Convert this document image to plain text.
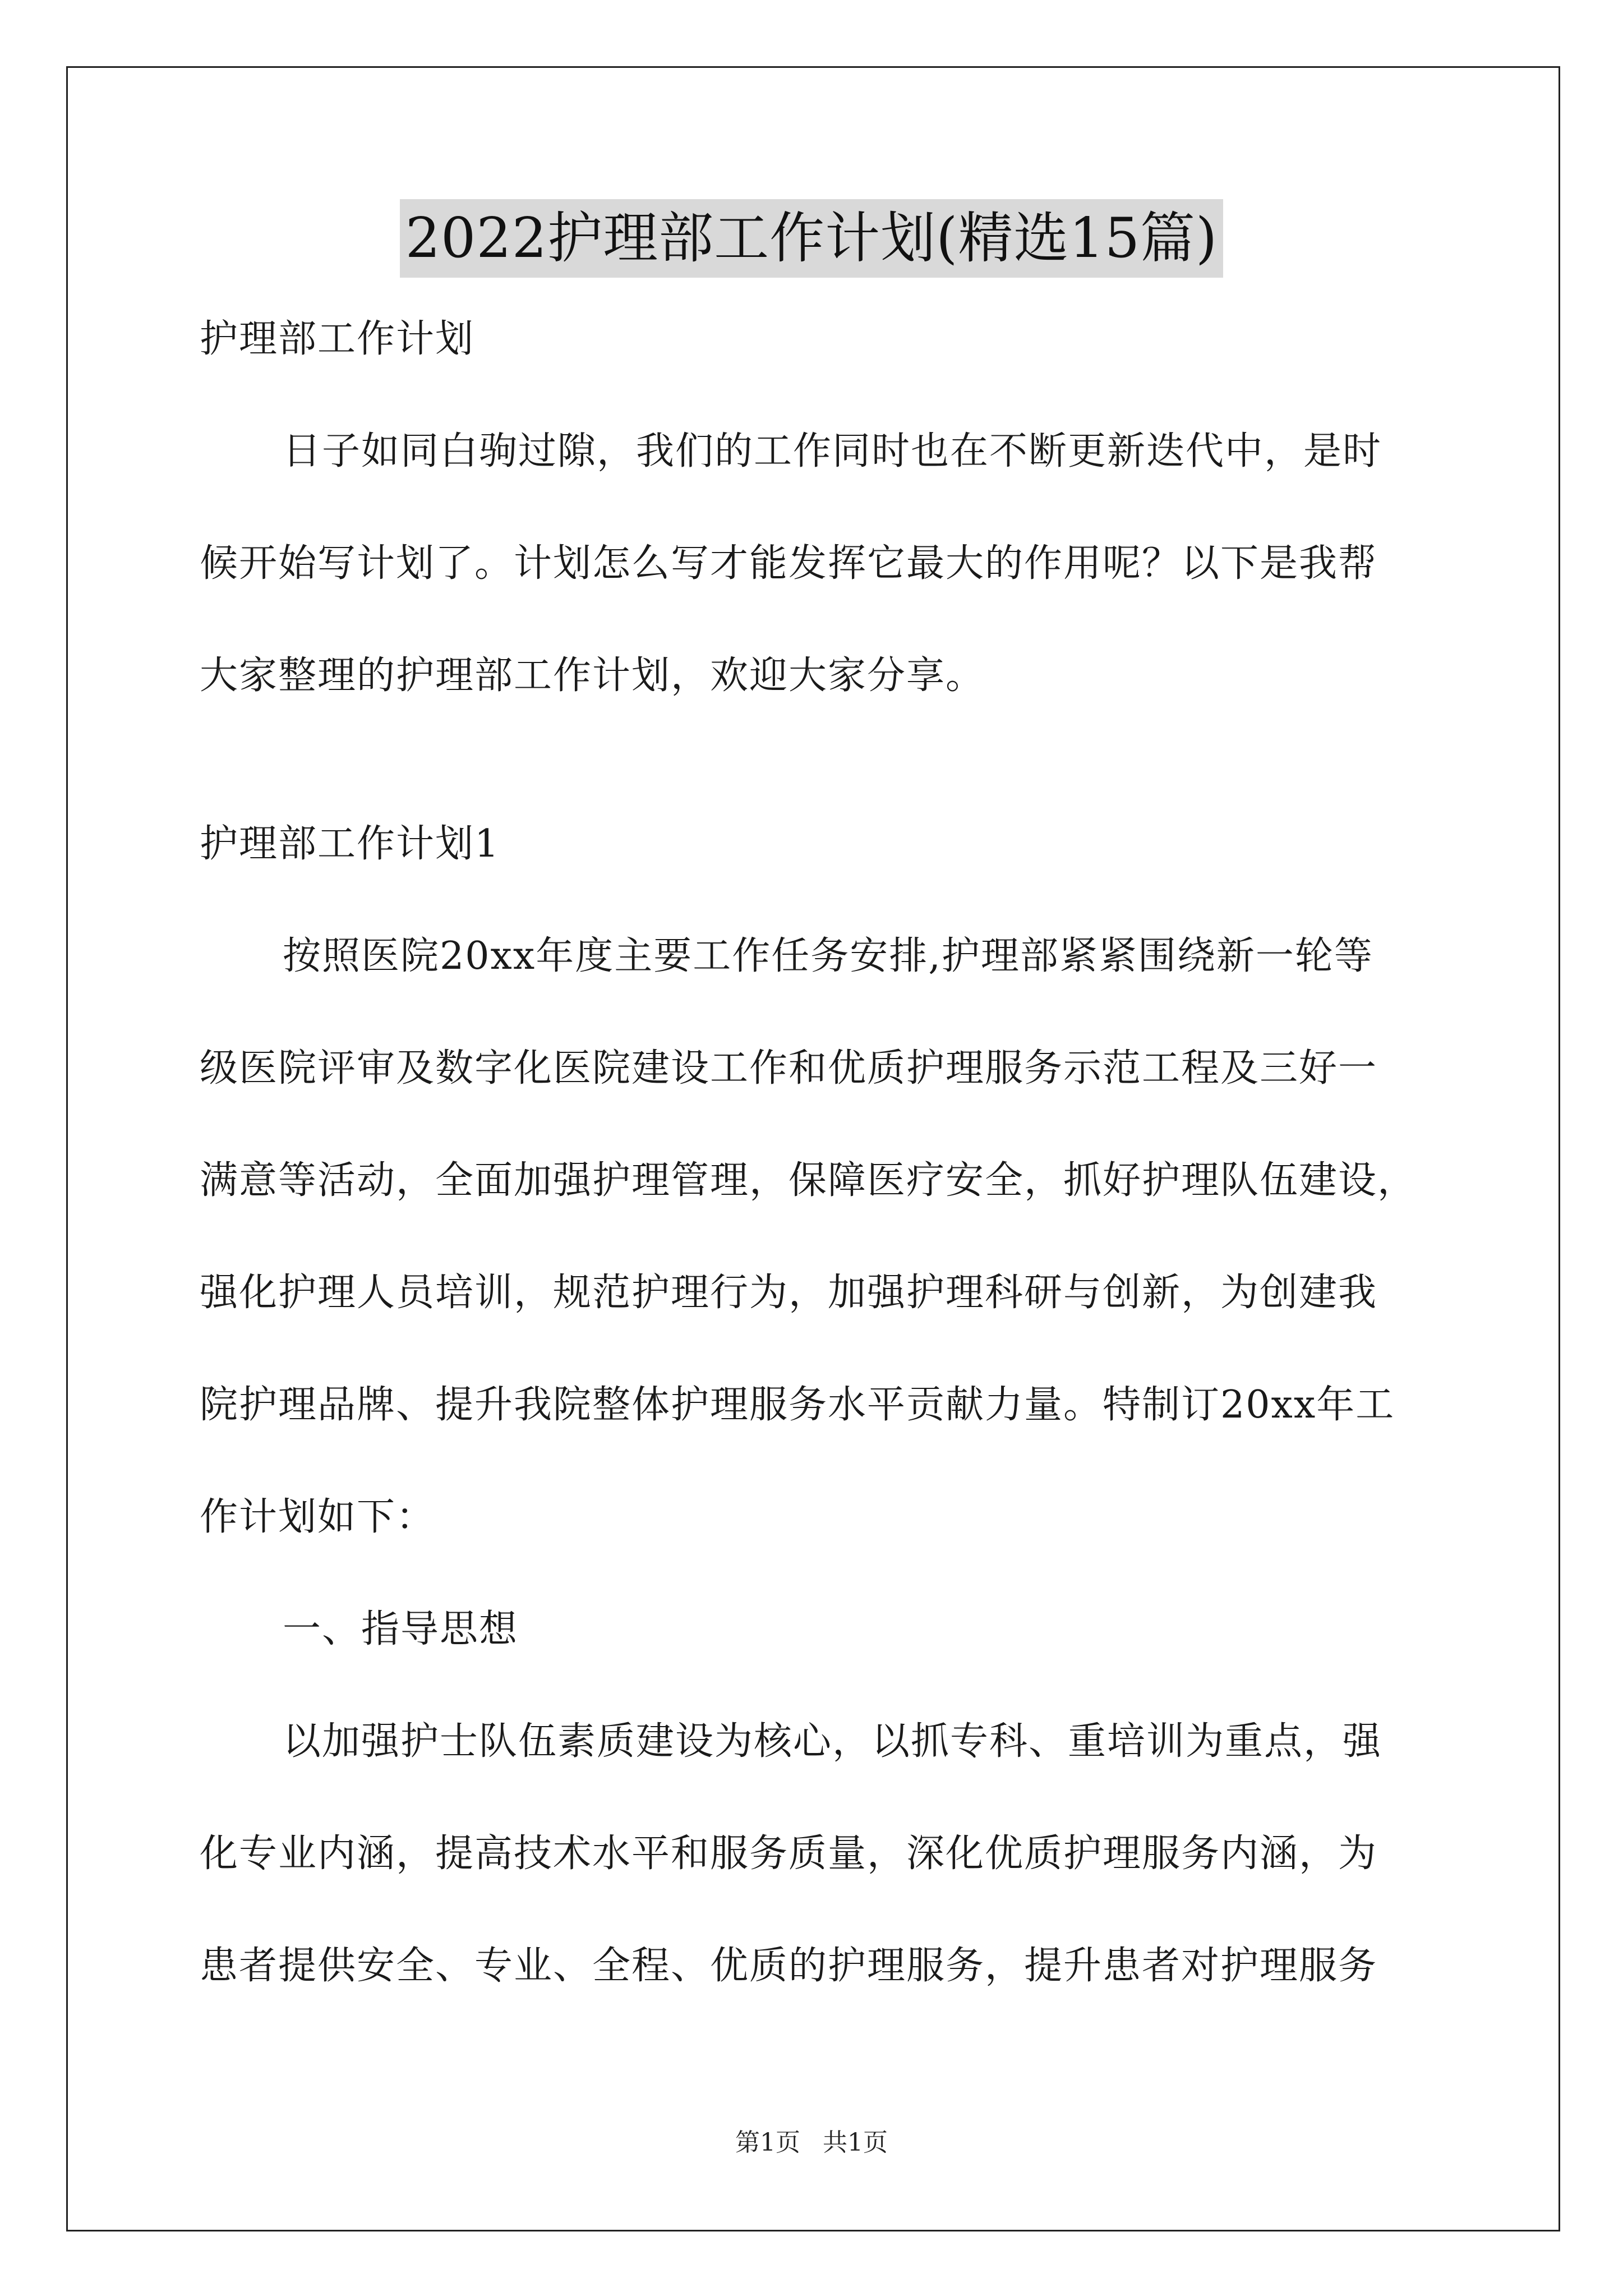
2022护理部工作计划(精选15篇)
护理部工作计划
日子如同白驹过隙，我们的工作同时也在不断更新迭代中，是时
候开始写计划了。计划怎么写才能发挥它最大的作用呢？以下是我帮
大家整理的护理部工作计划，欢迎大家分享。
护理部工作计划1
按照医院20xx年度主要工作任务安排,护理部紧紧围绕新一轮等
级医院评审及数字化医院建设工作和优质护理服务示范工程及三好一
满意等活动，全面加强护理管理，保障医疗安全，抓好护理队伍建设，
强化护理人员培训，规范护理行为，加强护理科研与创新，为创建我
院护理品牌、提升我院整体护理服务水平贡献力量。特制订20xx年工
作计划如下：
一、指导思想
以加强护士队伍素质建设为核心，以抓专科、重培训为重点，强
化专业内涵，提高技术水平和服务质量，深化优质护理服务内涵，为
患者提供安全、专业、全程、优质的护理服务，提升患者对护理服务
第1页 共1页
